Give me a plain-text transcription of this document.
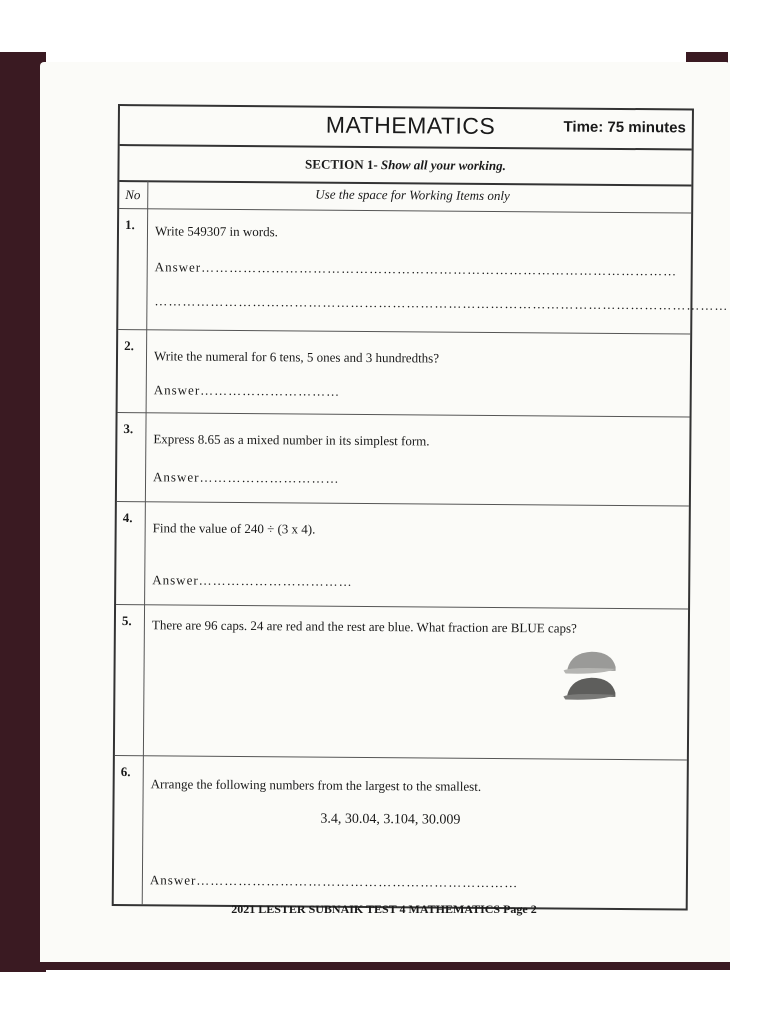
MATHEMATICS	Time: 75 minutes
SECTION 1- Show all your working.
No	Use the space for Working Items only
1. Write 549307 in words.
Answer…………………………………………………………………………………………
……………………………………………………………………………………………………………
2.
Write the numeral for 6 tens, 5 ones and 3 hundredths?
Answer…………………………
3.
Express 8.65 as a mixed number in its simplest form.
Answer…………………………
4.
Find the value of 240 ÷ (3 x 4).
Answer……………………………
5. There are 96 caps. 24 are red and the rest are blue. What fraction are BLUE caps?
6.
Arrange the following numbers from the largest to the smallest.
3.4, 30.04, 3.104, 30.009
Answer……………………………………………………………
2021 LESTER SUBNAIK TEST 4 MATHEMATICS Page 2
